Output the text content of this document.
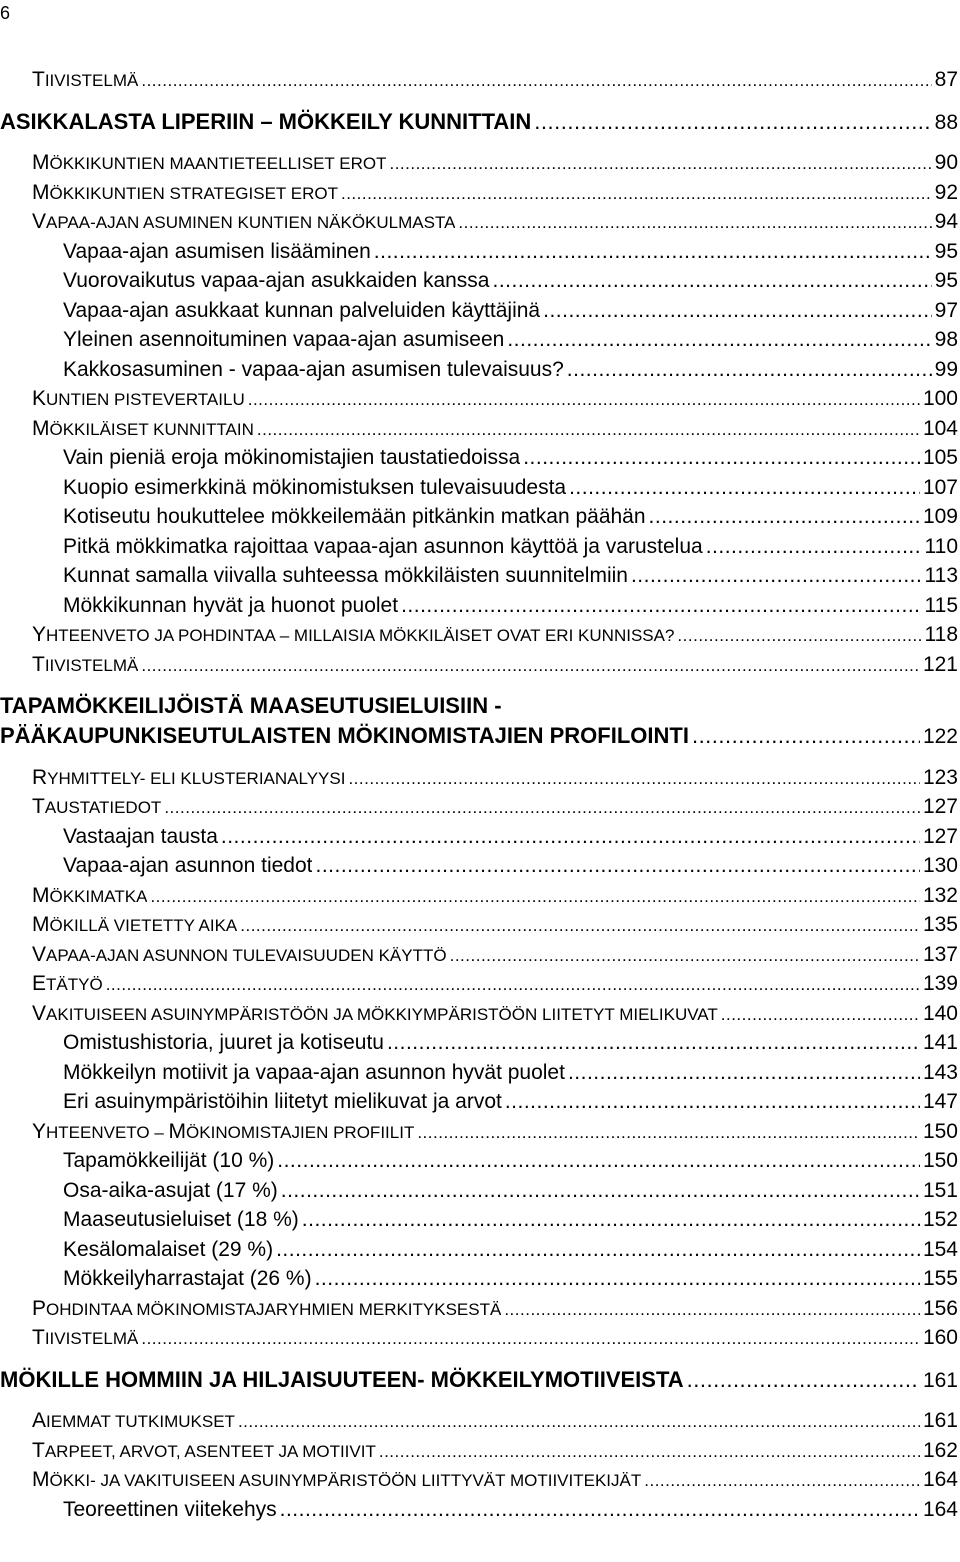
6
TIIVISTELMÄ .....	87
ASIKKALASTA LIPERIIN – MÖKKEILY KUNNITTAIN .....	88
MÖKKIKUNTIEN MAANTIETEELLISET EROT .....	90
MÖKKIKUNTIEN STRATEGISET EROT .....	92
VAPAA-AJAN ASUMINEN KUNTIEN NÄKÖKULMASTA .....	94
Vapaa-ajan asumisen lisääminen .....	95
Vuorovaikutus vapaa-ajan asukkaiden kanssa .....	95
Vapaa-ajan asukkaat kunnan palveluiden käyttäjinä .....	97
Yleinen asennoituminen vapaa-ajan asumiseen .....	98
Kakkosasuminen - vapaa-ajan asumisen tulevaisuus? .....	99
KUNTIEN PISTEVERTAILU .....	100
MÖKKILÄISET KUNNITTAIN .....	104
Vain pieniä eroja mökinomistajien taustatiedoissa .....	105
Kuopio esimerkkinä mökinomistuksen tulevaisuudesta .....	107
Kotiseutu houkuttelee mökkeilemään pitkänkin matkan päähän .....	109
Pitkä mökkimatka rajoittaa vapaa-ajan asunnon käyttöä ja varustelua .....	110
Kunnat samalla viivalla suhteessa mökkiläisten suunnitelmiin .....	113
Mökkikunnan hyvät ja huonot puolet .....	115
YHTEENVETO JA POHDINTAA – MILLAISIA MÖKKILÄISET OVAT ERI KUNNISSA? .....	118
TIIVISTELMÄ .....	121
TAPAMÖKKEILIJÖISTÄ MAASEUTUSIELUISIIN -
PÄÄKAUPUNKISEUTULAISTEN MÖKINOMISTAJIEN PROFILOINTI .....	122
RYHMITTELY- ELI KLUSTERIANALYYSI .....	123
TAUSTATIEDOT .....	127
Vastaajan tausta .....	127
Vapaa-ajan asunnon tiedot .....	130
MÖKKIMATKA .....	132
MÖKILLÄ VIETETTY AIKA .....	135
VAPAA-AJAN ASUNNON TULEVAISUUDEN KÄYTTÖ .....	137
ETÄTYÖ .....	139
VAKITUISEEN ASUINYMPÄRISTÖÖN JA MÖKKIYMPÄRISTÖÖN LIITETYT MIELIKUVAT .....	140
Omistushistoria, juuret ja kotiseutu .....	141
Mökkeilyn motiivit ja vapaa-ajan asunnon hyvät puolet .....	143
Eri asuinympäristöihin liitetyt mielikuvat ja arvot .....	147
YHTEENVETO – MÖKINOMISTAJIEN PROFIILIT .....	150
Tapamökkeilijät (10 %) .....	150
Osa-aika-asujat (17 %) .....	151
Maaseutusieluiset (18 %) .....	152
Kesälomalaiset (29 %) .....	154
Mökkeilyharrastajat (26 %) .....	155
POHDINTAA MÖKINOMISTAJARYHMIEN MERKITYKSESTÄ .....	156
TIIVISTELMÄ .....	160
MÖKILLE HOMMIIN JA HILJAISUUTEEN- MÖKKEILYMOTIIVEISTA .....	161
AIEMMAT TUTKIMUKSET .....	161
TARPEET, ARVOT, ASENTEET JA MOTIIVIT .....	162
MÖKKI- JA VAKITUISEEN ASUINYMPÄRISTÖÖN LIITTYVÄT MOTIIVITEKIJÄT .....	164
Teoreettinen viitekehys .....	164
